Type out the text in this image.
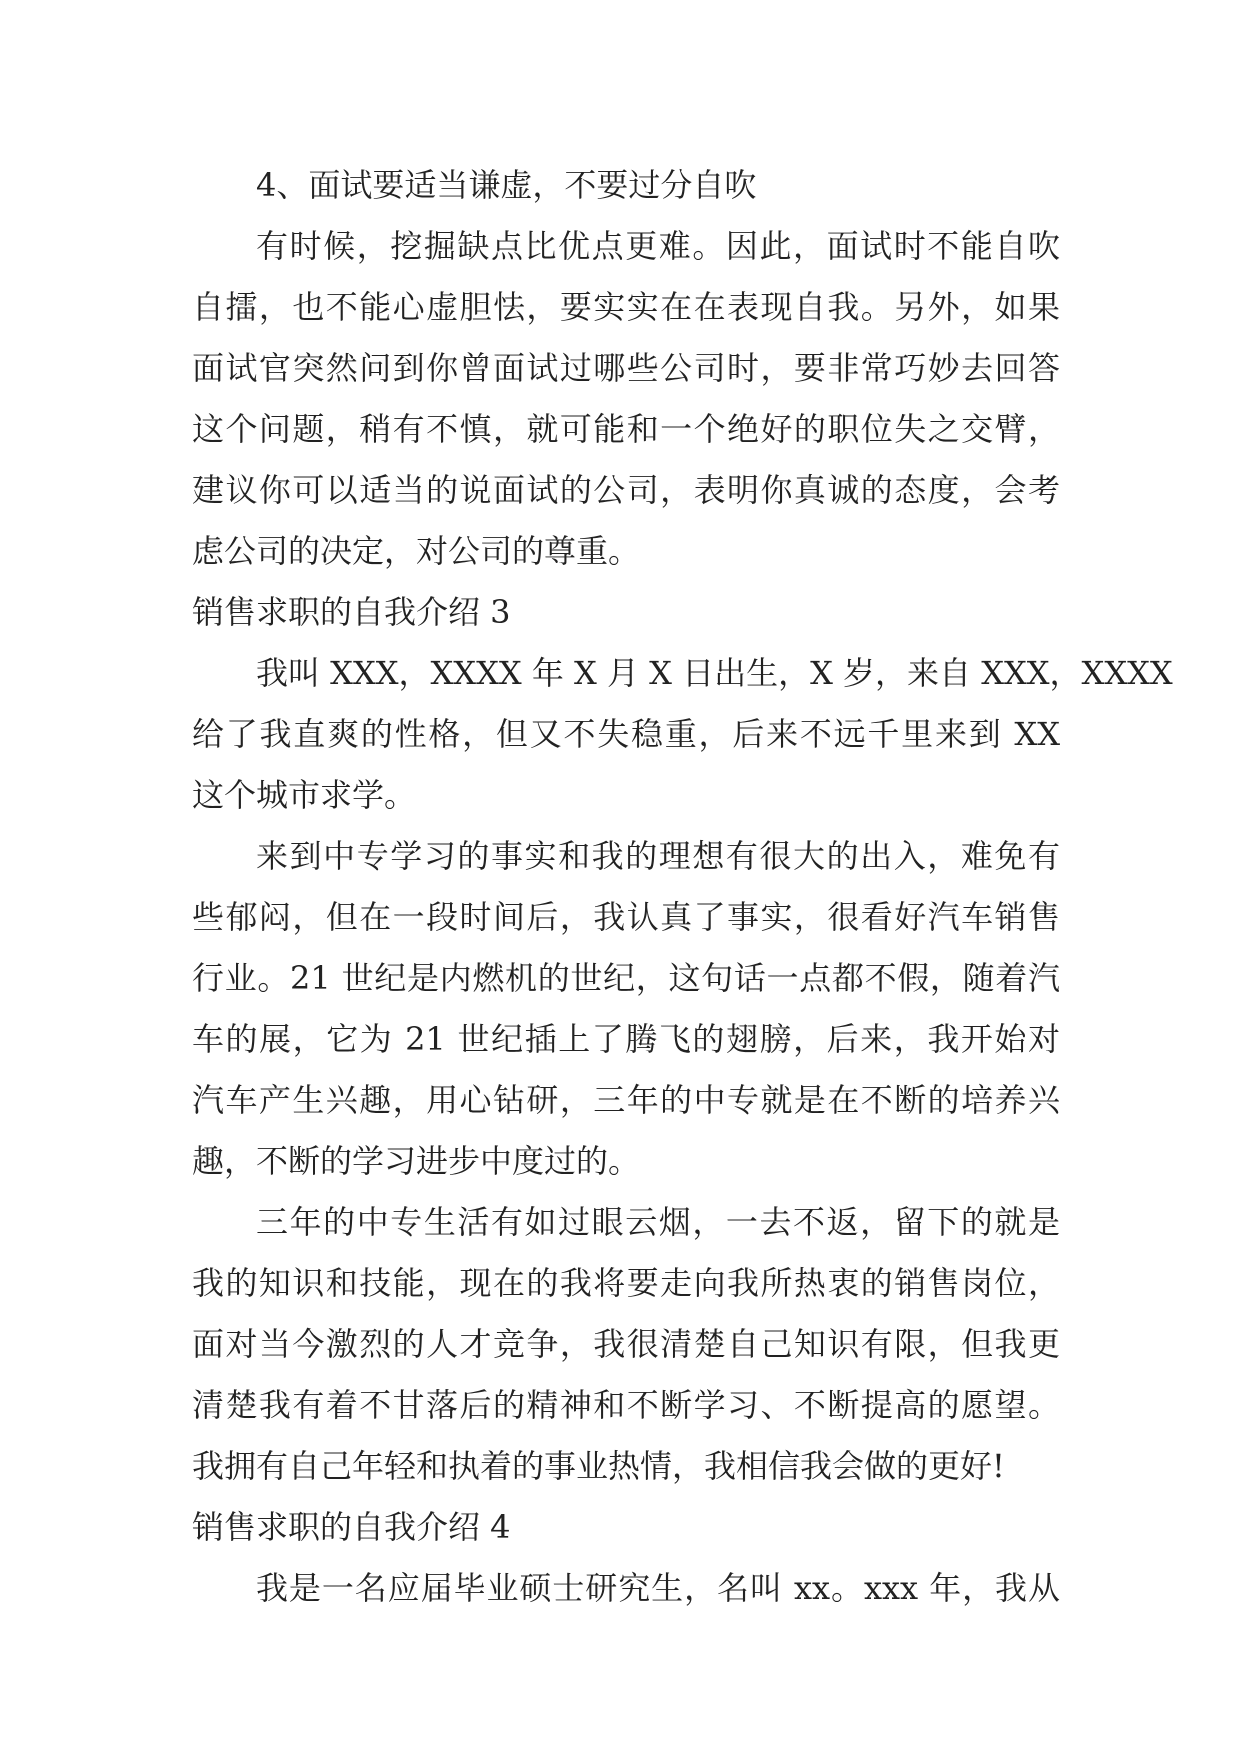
4、面试要适当谦虚，不要过分自吹
有时候，挖掘缺点比优点更难。因此，面试时不能自吹
自擂，也不能心虚胆怯，要实实在在表现自我。另外，如果
面试官突然问到你曾面试过哪些公司时，要非常巧妙去回答
这个问题，稍有不慎，就可能和一个绝好的职位失之交臂，
建议你可以适当的说面试的公司，表明你真诚的态度，会考
虑公司的决定，对公司的尊重。
销售求职的自我介绍 3
我叫 XXX，XXXX 年 X 月 X 日出生，X 岁，来自 XXX，XXXX
给了我直爽的性格，但又不失稳重，后来不远千里来到 XX
这个城市求学。
来到中专学习的事实和我的理想有很大的出入，难免有
些郁闷，但在一段时间后，我认真了事实，很看好汽车销售
行业。21 世纪是内燃机的世纪，这句话一点都不假，随着汽
车的展，它为 21 世纪插上了腾飞的翅膀，后来，我开始对
汽车产生兴趣，用心钻研，三年的中专就是在不断的培养兴
趣，不断的学习进步中度过的。
三年的中专生活有如过眼云烟，一去不返，留下的就是
我的知识和技能，现在的我将要走向我所热衷的销售岗位，
面对当今激烈的人才竞争，我很清楚自己知识有限，但我更
清楚我有着不甘落后的精神和不断学习、不断提高的愿望。
我拥有自己年轻和执着的事业热情，我相信我会做的更好!
销售求职的自我介绍 4
我是一名应届毕业硕士研究生，名叫 xx。xxx 年，我从
